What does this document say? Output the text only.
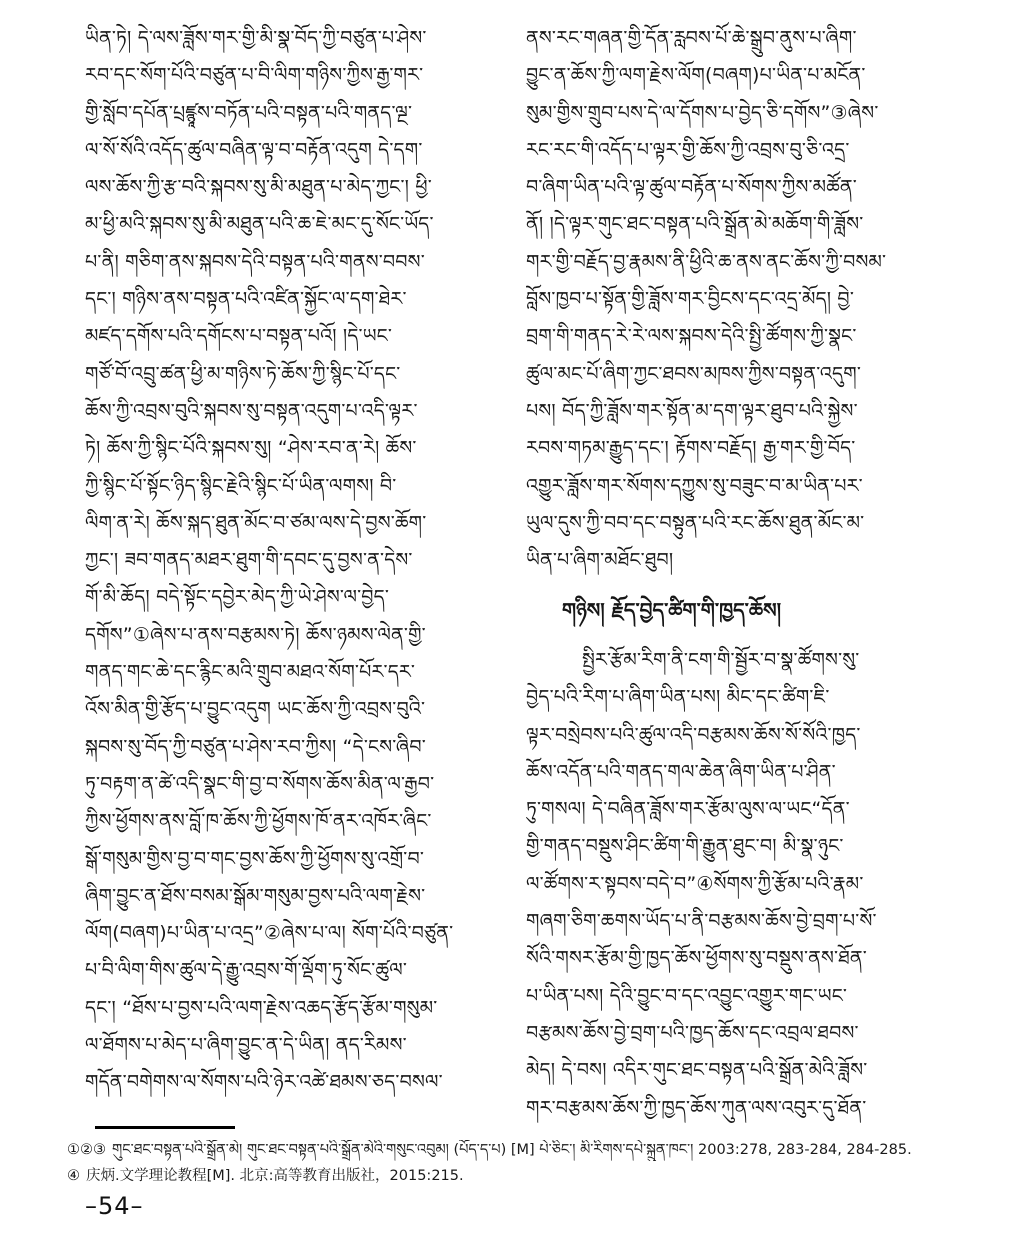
ཡིན་ཏེ། དེ་ལས་ཟློས་གར་གྱི་མི་སྣ་བོད་ཀྱི་བཙུན་པ་ཤེས་
རབ་དང་སོག་པོའི་བཙུན་པ་བི་ལིག་གཉིས་ཀྱིས་རྒྱ་གར་
གྱི་སློབ་དཔོན་པྲཛྙཱས་བཏོན་པའི་བསྟན་པའི་གནད་ལྔ་
ལ་སོ་སོའི་འདོད་ཚུལ་བཞིན་ལྟ་བ་བརྟོན་འདུག དེ་དག་
ལས་ཆོས་ཀྱི་རྩ་བའི་སྐབས་སུ་མི་མཐུན་པ་མེད་ཀྱང་། ཕྱི་
མ་ཕྱི་མའི་སྐབས་སུ་མི་མཐུན་པའི་ཆ་ཇེ་མང་དུ་སོང་ཡོད་
པ་ནི། གཅིག་ནས་སྐབས་དེའི་བསྟན་པའི་གནས་བབས་
དང་། གཉིས་ནས་བསྟན་པའི་འཛིན་སྐྱོང་ལ་དག་ཐེར་
མཛད་དགོས་པའི་དགོངས་པ་བསྟན་པའོ། །དེ་ཡང་
གཙོ་བོ་འབྲུ་ཚན་ཕྱི་མ་གཉིས་ཏེ་ཆོས་ཀྱི་སྙིང་པོ་དང་
ཆོས་ཀྱི་འབྲས་བུའི་སྐབས་སུ་བསྟན་འདུག་པ་འདི་ལྟར་
ཏེ། ཆོས་ཀྱི་སྙིང་པོའི་སྐབས་སུ། “ཤེས་རབ་ན་རེ། ཆོས་
ཀྱི་སྙིང་པོ་སྟོང་ཉིད་སྙིང་རྗེའི་སྙིང་པོ་ཡིན་ལགས། བི་
ལིག་ན་རེ། ཆོས་སྐད་ཐུན་མོང་བ་ཙམ་ལས་དེ་བྱས་ཆོག་
ཀྱང་། ཟབ་གནད་མཐར་ཐུག་གི་དབང་དུ་བྱས་ན་དེས་
གོ་མི་ཆོད། བདེ་སྟོང་དབྱེར་མེད་ཀྱི་ཡེ་ཤེས་ལ་བྱེད་
དགོས”①ཞེས་པ་ནས་བརྩམས་ཏེ། ཆོས་ཉམས་ལེན་གྱི་
གནད་གང་ཆེ་དང་རྙིང་མའི་གྲུབ་མཐའ་སོག་པོར་དར་
འོས་མིན་གྱི་རྩོད་པ་བྱུང་འདུག ཡང་ཆོས་ཀྱི་འབྲས་བུའི་
སྐབས་སུ་བོད་ཀྱི་བཙུན་པ་ཤེས་རབ་ཀྱིས། “དེ་ངས་ཞིབ་
ཏུ་བརྟག་ན་ཚེ་འདི་སྣང་གི་བྱ་བ་སོགས་ཆོས་མིན་ལ་རྒྱབ་
ཀྱིས་ཕྱོགས་ནས་བློ་ཁ་ཆོས་ཀྱི་ཕྱོགས་ཁོ་ནར་འཁོར་ཞིང་
སྒོ་གསུམ་གྱིས་བྱ་བ་གང་བྱས་ཆོས་ཀྱི་ཕྱོགས་སུ་འགྲོ་བ་
ཞིག་བྱུང་ན་ཐོས་བསམ་སྒོམ་གསུམ་བྱས་པའི་ལག་རྗེས་
ལོག(བཞག)པ་ཡིན་པ་འདྲ”②ཞེས་པ་ལ། སོག་པོའི་བཙུན་
པ་བི་ལིག་གིས་ཚུལ་དེ་རྒྱུ་འབྲས་གོ་ལྡོག་ཏུ་སོང་ཚུལ་
དང་། “ཐོས་པ་བྱས་པའི་ལག་རྗེས་འཆད་རྩོད་རྩོམ་གསུམ་
ལ་ཐོགས་པ་མེད་པ་ཞིག་བྱུང་ན་དེ་ཡིན། ནད་རིམས་
གདོན་བགེགས་ལ་སོགས་པའི་ཉེར་འཚེ་ཐམས་ཅད་བསལ་
ནས་རང་གཞན་གྱི་དོན་རླབས་པོ་ཆེ་སྒྲུབ་ནུས་པ་ཞིག་
བྱུང་ན་ཆོས་ཀྱི་ལག་རྗེས་ལོག(བཞག)པ་ཡིན་པ་མངོན་
སུམ་གྱིས་གྲུབ་པས་དེ་ལ་དོགས་པ་བྱེད་ཅི་དགོས”③ཞེས་
རང་རང་གི་འདོད་པ་ལྟར་གྱི་ཆོས་ཀྱི་འབྲས་བུ་ཅི་འདྲ་
བ་ཞིག་ཡིན་པའི་ལྟ་ཚུལ་བརྟོན་པ་སོགས་ཀྱིས་མཚོན་
ནོ། །དེ་ལྟར་གུང་ཐང་བསྟན་པའི་སྒྲོན་མེ་མཆོག་གི་ཟློས་
གར་གྱི་བརྗོད་བྱ་རྣམས་ནི་ཕྱིའི་ཆ་ནས་ནང་ཆོས་ཀྱི་བསམ་
བློས་ཁྱབ་པ་སྟོན་གྱི་ཟློས་གར་བྱིངས་དང་འདྲ་མོད། བྱེ་
བྲག་གི་གནད་རེ་རེ་ལས་སྐབས་དེའི་སྤྱི་ཚོགས་ཀྱི་སྣང་
ཚུལ་མང་པོ་ཞིག་ཀྱང་ཐབས་མཁས་ཀྱིས་བསྟན་འདུག་
པས། བོད་ཀྱི་ཟློས་གར་སྟོན་མ་དག་ལྟར་ཐུབ་པའི་སྐྱེས་
རབས་གཏམ་རྒྱུད་དང་། རྟོགས་བརྗོད། རྒྱ་གར་གྱི་བོད་
འགྱུར་ཟློས་གར་སོགས་དཀྱུས་སུ་བཟུང་བ་མ་ཡིན་པར་
ཡུལ་དུས་ཀྱི་བབ་དང་བསྟུན་པའི་རང་ཆོས་ཐུན་མོང་མ་
ཡིན་པ་ཞིག་མཐོང་ཐུབ།
གཉིས། རྗོད་བྱེད་ཚིག་གི་ཁྱད་ཆོས།
སྤྱིར་རྩོམ་རིག་ནི་ངག་གི་སྦྱོར་བ་སྣ་ཚོགས་སུ་
བྱེད་པའི་རིག་པ་ཞིག་ཡིན་པས། མིང་དང་ཚིག་ཇི་
ལྟར་བསྲེབས་པའི་ཚུལ་འདི་བརྩམས་ཆོས་སོ་སོའི་ཁྱད་
ཆོས་འདོན་པའི་གནད་གལ་ཆེན་ཞིག་ཡིན་པ་ཤིན་
ཏུ་གསལ། དེ་བཞིན་ཟློས་གར་རྩོམ་ལུས་ལ་ཡང“དོན་
གྱི་གནད་བསྡུས་ཤིང་ཚིག་གི་རྒྱུན་ཐུང་བ། མི་སྣ་ཉུང་
ལ་ཚོགས་ར་སྟབས་བདེ་བ”④སོགས་ཀྱི་རྩོམ་པའི་རྣམ་
གཞག་ཅིག་ཆགས་ཡོད་པ་ནི་བརྩམས་ཆོས་བྱེ་བྲག་པ་སོ་
སོའི་གསར་རྩོམ་གྱི་ཁྱད་ཆོས་ཕྱོགས་སུ་བསྡུས་ནས་ཐོན་
པ་ཡིན་པས། དེའི་བྱུང་བ་དང་འབྱུང་འགྱུར་གང་ཡང་
བརྩམས་ཆོས་བྱེ་བྲག་པའི་ཁྱད་ཆོས་དང་འབྲལ་ཐབས་
མེད། དེ་བས། འདིར་གུང་ཐང་བསྟན་པའི་སྒྲོན་མེའི་ཟློས་
གར་བརྩམས་ཆོས་ཀྱི་ཁྱད་ཆོས་ཀུན་ལས་འབུར་དུ་ཐོན་
①②③ གུང་ཐང་བསྟན་པའི་སྒྲོན་མེ། གུང་ཐང་བསྟན་པའི་སྒྲོན་མེའི་གསུང་འབུམ། (པོད་ད་པ) [M] པེ་ཅིང་། མི་རིགས་དཔེ་སྐྲུན་ཁང་། 2003:278, 283-284, 284-285.
④ 庆炳.文学理论教程[M]. 北京:高等教育出版社，2015:215.
–54–
